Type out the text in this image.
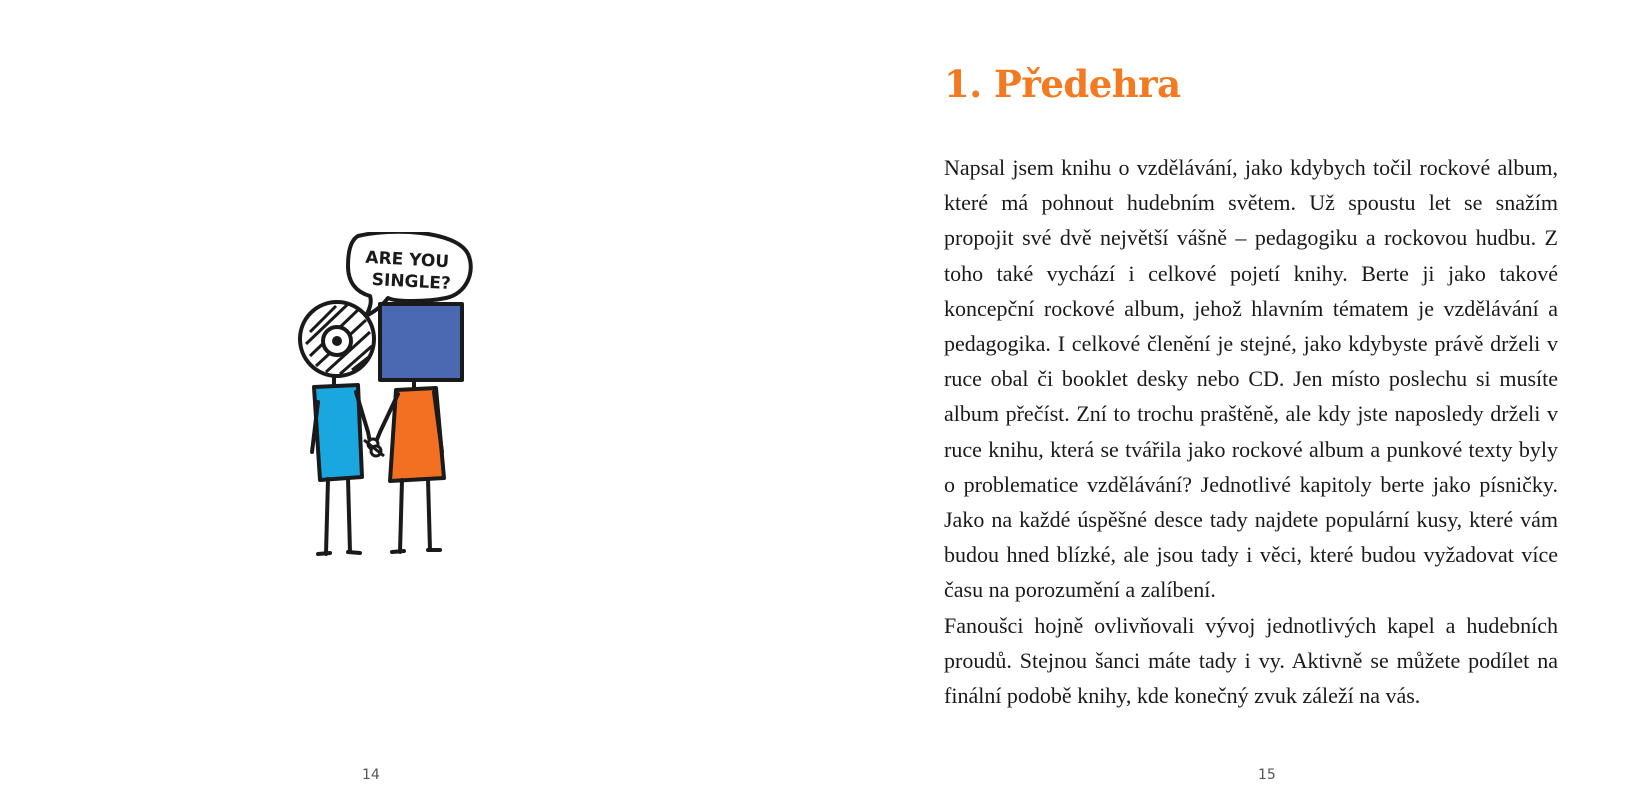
ARE YOU
SINGLE?
14
1. Předehra

Napsal jsem knihu o vzdělávání, jako kdybych točil rockové album, které má pohnout hudebním světem. Už spoustu let se snažím propojit své dvě největší vášně – pedagogiku a rockovou hudbu. Z toho také vychází i celkové pojetí knihy. Berte ji jako takové koncepční rockové album, jehož hlavním tématem je vzdělávání a pedagogika. I celkové členění je stejné, jako kdybyste právě drželi v ruce obal či booklet desky nebo CD. Jen místo poslechu si musíte album přečíst. Zní to trochu praštěně, ale kdy jste naposledy drželi v ruce knihu, která se tvářila jako rockové album a punkové texty byly o problematice vzdělávání? Jednotlivé kapitoly berte jako písničky. Jako na každé úspěšné desce tady najdete populární kusy, které vám budou hned blízké, ale jsou tady i věci, které budou vyžadovat více času na porozumění a zalíbení.

Fanoušci hojně ovlivňovali vývoj jednotlivých kapel a hudebních proudů. Stejnou šanci máte tady i vy. Aktivně se můžete podílet na finální podobě knihy, kde konečný zvuk záleží na vás.

15
